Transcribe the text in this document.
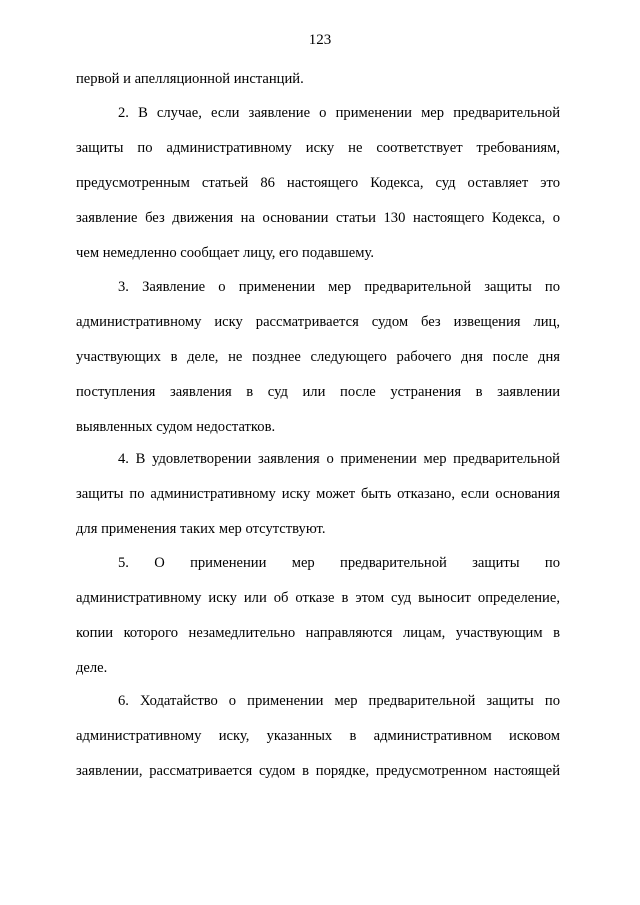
123
первой и апелляционной инстанций.
2. В случае, если заявление о применении мер предварительной
защиты по административному иску не соответствует требованиям,
предусмотренным статьей 86 настоящего Кодекса, суд оставляет это
заявление без движения на основании статьи 130 настоящего Кодекса, о
чем немедленно сообщает лицу, его подавшему.
3. Заявление о применении мер предварительной защиты по
административному иску рассматривается судом без извещения лиц,
участвующих в деле, не позднее следующего рабочего дня после дня
поступления заявления в суд или после устранения в заявлении
выявленных судом недостатков.
4. В удовлетворении заявления о применении мер предварительной
защиты по административному иску может быть отказано, если основания
для применения таких мер отсутствуют.
5. О применении мер предварительной защиты по
административному иску или об отказе в этом суд выносит определение,
копии которого незамедлительно направляются лицам, участвующим в
деле.
6. Ходатайство о применении мер предварительной защиты по
административному иску, указанных в административном исковом
заявлении, рассматривается судом в порядке, предусмотренном настоящей
